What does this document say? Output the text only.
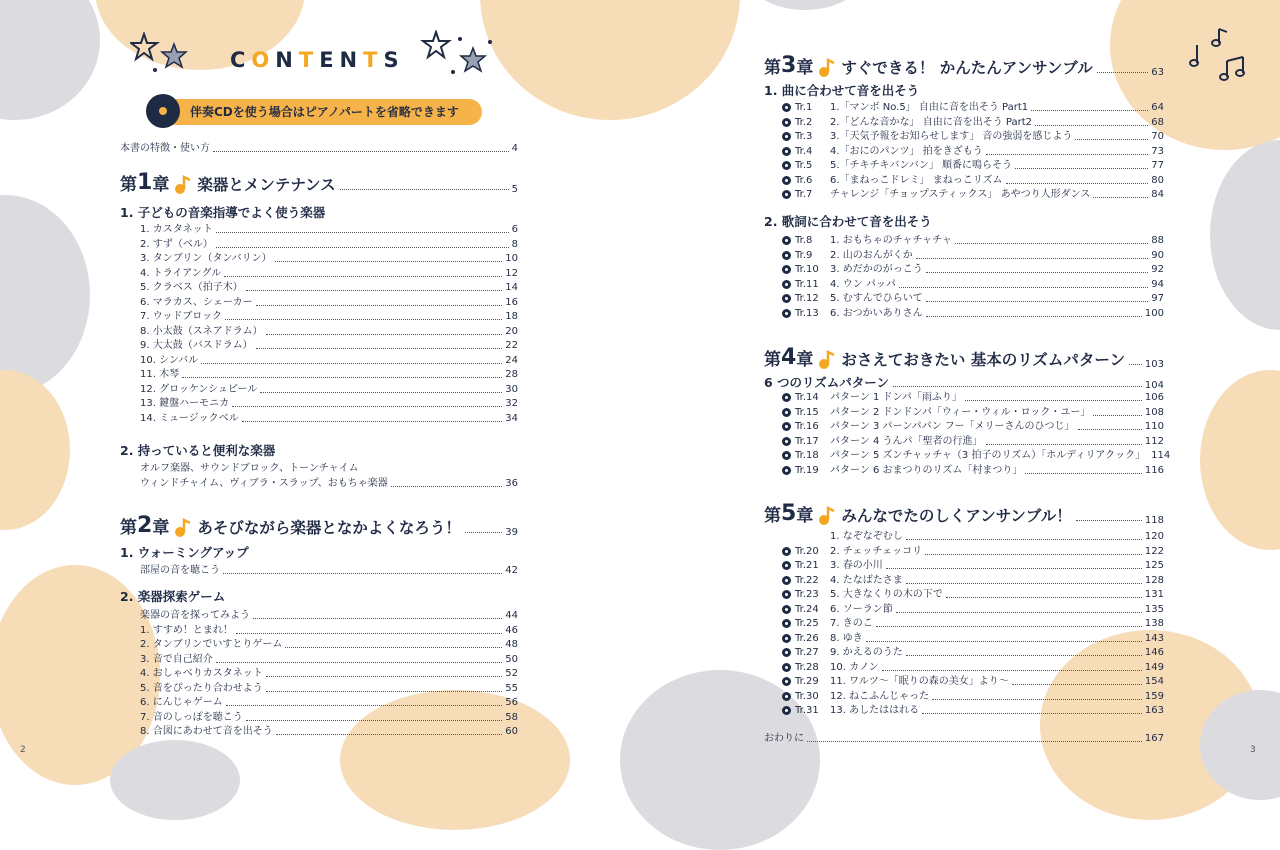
CONTENTS
伴奏CDを使う場合はピアノパートを省略できます
本書の特徴・使い方	4
第 1 章 楽器とメンテナンス	5
1. 子どもの音楽指導でよく使う楽器
1. カスタネット	6
2. すず（ベル）	8
3. タンブリン（タンバリン）	10
4. トライアングル	12
5. クラベス（拍子木）	14
6. マラカス、シェーカー	16
7. ウッドブロック	18
8. 小太鼓（スネアドラム）	20
9. 大太鼓（バスドラム）	22
10. シンバル	24
11. 木琴	28
12. グロッケンシュピール	30
13. 鍵盤ハーモニカ	32
14. ミュージックベル	34
2. 持っていると便利な楽器
オルフ楽器、サウンドブロック、トーンチャイム
ウィンドチャイム、ヴィブラ・スラップ、おもちゃ楽器	36
第 2 章 あそびながら楽器となかよくなろう！	39
1. ウォーミングアップ
部屋の音を聴こう	42
2. 楽器探索ゲーム
楽器の音を探ってみよう	44
1. すすめ！とまれ！	46
2. タンブリンでいすとりゲーム	48
3. 音で自己紹介	50
4. おしゃべりカスタネット	52
5. 音をぴったり合わせよう	55
6. にんじゃゲーム	56
7. 音のしっぽを聴こう	58
8. 合図にあわせて音を出そう	60
第 3 章 すぐできる！ かんたんアンサンブル	63
1. 曲に合わせて音を出そう
Tr.1 1.「マンボ No.5」 自由に音を出そう Part1	64
Tr.2 2.「どんな音かな」 自由に音を出そう Part2	68
Tr.3 3.「天気予報をお知らせします」 音の強弱を感じよう	70
Tr.4 4.「おにのパンツ」 拍をきざもう	73
Tr.5 5.「チキチキバンバン」 順番に鳴らそう	77
Tr.6 6.「まねっこドレミ」 まねっこリズム	80
Tr.7 チャレンジ「チョップスティックス」 あやつり人形ダンス	84
2. 歌詞に合わせて音を出そう
Tr.8 1. おもちゃのチャチャチャ	88
Tr.9 2. 山のおんがくか	90
Tr.10 3. めだかのがっこう	92
Tr.11 4. ウン パッパ	94
Tr.12 5. むすんでひらいて	97
Tr.13 6. おつかいありさん	100
第 4 章 おさえておきたい 基本のリズムパターン 103
6 つのリズムパターン	104
Tr.14 パターン 1 ドンパ「雨ふり」	106
Tr.15 パターン 2 ドンドンパ「ウィー・ウィル・ロック・ユー」	108
Tr.16 パターン 3 パーンパパン フー「メリーさんのひつじ」	110
Tr.17 パターン 4 うんパ「聖者の行進」	112
Tr.18 パターン 5 ズンチャッチャ（3 拍子のリズム）「ホルディリアクック」 114
Tr.19 パターン 6 おまつりのリズム「村まつり」	116
第 5 章 みんなでたのしくアンサンブル！	118
1. なぞなぞむし	120
Tr.20 2. チェッチェッコリ	122
Tr.21 3. 春の小川	125
Tr.22 4. たなばたさま	128
Tr.23 5. 大きなくりの木の下で	131
Tr.24 6. ソーラン節	135
Tr.25 7. きのこ	138
Tr.26 8. ゆき	143
Tr.27 9. かえるのうた	146
Tr.28 10. カノン	149
Tr.29 11. ワルツ～「眠りの森の美女」より～	154
Tr.30 12. ねこふんじゃった	159
Tr.31 13. あしたははれる	163
おわりに	167
2	3
